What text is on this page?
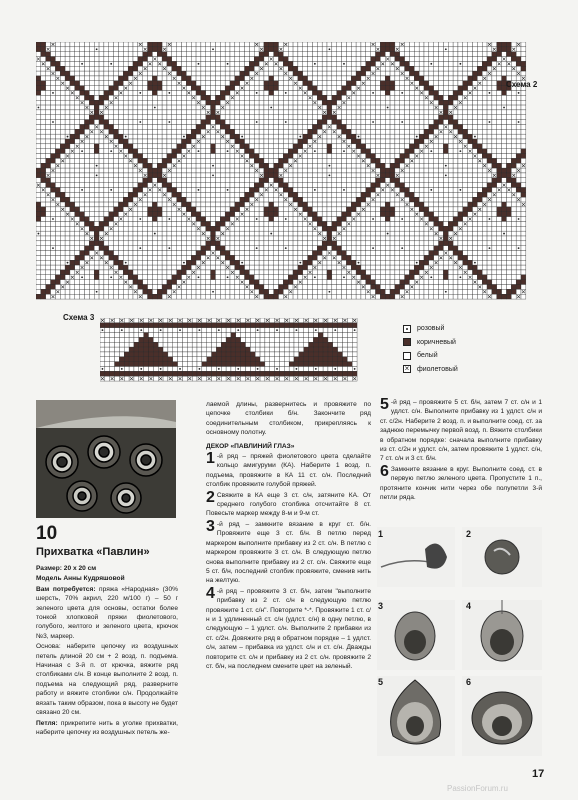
Схема 2
Схема 3
розовый
коричневый
белый
×
фиолетовый
10
Прихватка «Павлин»

Размер: 20 x 20 см

Модель Анны Кудряшовой

Вам потребуется: пряжа «Народная» (30% шерсть, 70% акрил, 220 м/100 г) – 50 г зеленого цвета для основы, остатки более тонкой хлопковой пряжи фиолетового, голубого, желтого и зеленого цвета, крючок №3, маркер.

Основа: наберите цепочку из воздушных петель длиной 20 см + 2 возд. п. подъема. Начиная с 3-й п. от крючка, вяжите ряд столбиками с/н. В конце выполните 2 возд. п. подъема на следующий ряд, разверните работу и вяжите столбики с/н. Продолжайте вязать таким образом, пока в высоту не будет связано 20 см.

Петля: прикрепите нить в уголке прихватки, наберите цепочку из воздушных петель же-

лаемой длины, развернитесь и провяжите по цепочке столбики б/н. Закончите ряд соединительным столбиком, прикрепляясь к основному полотну.

ДЕКОР «ПАВЛИНИЙ ГЛАЗ»

1 -й ряд – пряжей фиолетового цвета сделайте кольцо амигуруми (КА). Наберите 1 возд. п. подъема, провяжите в КА 11 ст. с/н. Последний столбик провяжите голубой пряжей.

2 Свяжите в КА еще 3 ст. с/н, затяните КА. От среднего голубого столбика отсчитайте 8 ст. Повесьте маркер между 8-м и 9-м ст.

3 -й ряд – замкните вязание в круг ст. б/н. Провяжите еще 3 ст. б/н. В петлю перед маркером выполните прибавку из 2 ст. с/н. В петлю с маркером провяжите 3 ст. с/н. В следующую петлю снова выполните прибавку из 2 ст. с/н. Свяжите еще 5 ст. б/н, последний столбик провяжите, сменив нить на желтую.

4 -й ряд – провяжите 3 ст. б/н, затем "выполните прибавку из 2 ст. с/н в следующую петлю провяжите 1 ст. с/н". Повторите *-*. Провяжите 1 ст. с/н и 1 удлиненный ст. с/н (удлст. с/н) в одну петлю, в следующую – 1 удлст. с/н. Выполните 2 прибавки из ст. с/2н. Довяжите ряд в обратном порядке – 1 удлст. с/н, затем – прибавка из удлст. с/н и ст. с/н. Дважды повторите ст. с/н и прибавку из 2 ст. с/н. провяжите 2 ст. б/н, на последнем смените цвет на зеленый.

5 -й ряд – провяжите 5 ст. б/н, затем 7 ст. с/н и 1 удлст. с/н. Выполните прибавку из 1 удлст. с/н и ст. с/2н. Наберите 2 возд. п. и выполните соед. ст. за заднюю перемычку первой возд. п. Вяжите столбики в обратном порядке: сначала выполните прибавку из ст. с/2н и удлст. с/н, затем провяжите 1 удлст. с/н, 7 ст. с/н и 3 ст. б/н.

6 Замкните вязание в круг. Выполните соед. ст. в первую петлю зеленого цвета. Пропустите 1 п., протяните кончик нити через обе полупетли 3-й петли ряда.

1	2
3	4
5	6
17
PassionForum.ru
